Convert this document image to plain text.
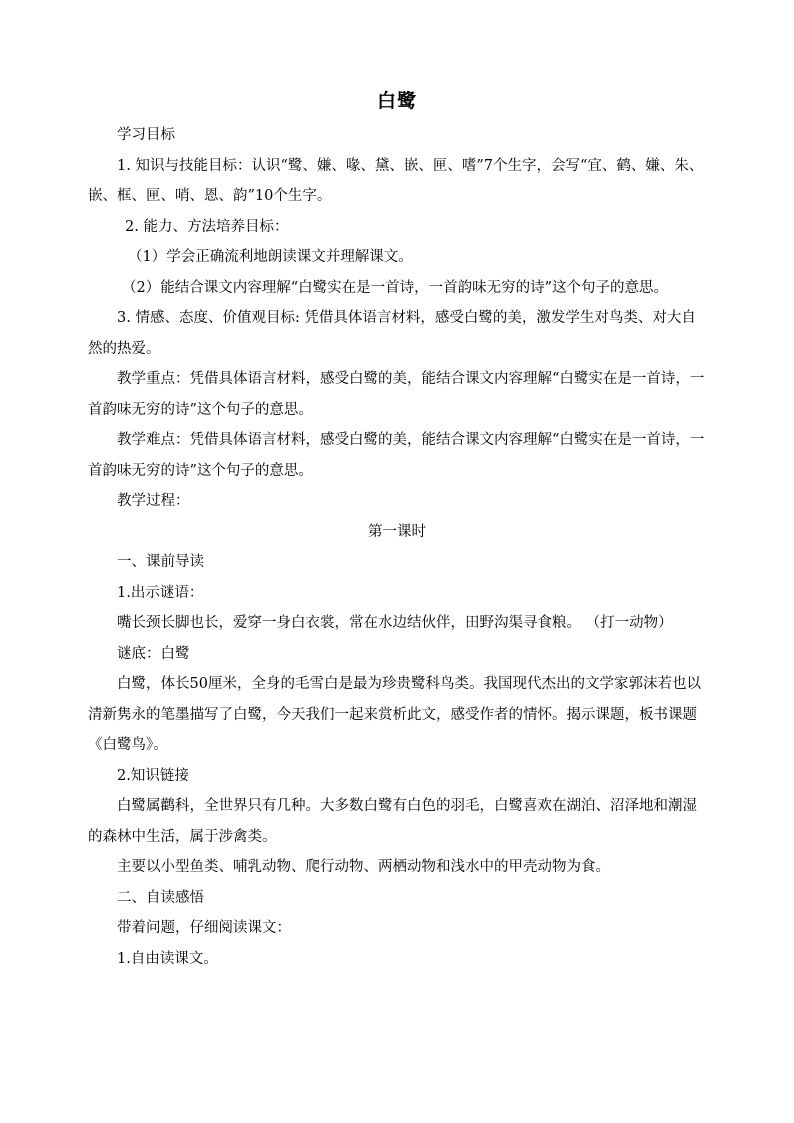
白鹭

学习目标

1. 知识与技能目标：认识“鹭、嫌、喙、黛、嵌、匣、嗜”7个生字，会写“宜、鹤、嫌、朱、嵌、框、匣、哨、恩、韵”10个生字。

2. 能力、方法培养目标：

（1）学会正确流利地朗读课文并理解课文。

（2）能结合课文内容理解“白鹭实在是一首诗，一首韵味无穷的诗”这个句子的意思。

3. 情感、态度、价值观目标: 凭借具体语言材料，感受白鹭的美，激发学生对鸟类、对大自然的热爱。

教学重点：凭借具体语言材料，感受白鹭的美，能结合课文内容理解“白鹭实在是一首诗，一首韵味无穷的诗”这个句子的意思。

教学难点：凭借具体语言材料，感受白鹭的美，能结合课文内容理解“白鹭实在是一首诗，一首韵味无穷的诗”这个句子的意思。

教学过程：

第一课时

一、课前导读

1.出示谜语：

嘴长颈长脚也长，爱穿一身白衣裳，常在水边结伙伴，田野沟渠寻食粮。 （打一动物）

谜底：白鹭

白鹭，体长50厘米，全身的毛雪白是最为珍贵鹭科鸟类。我国现代杰出的文学家郭沫若也以清新隽永的笔墨描写了白鹭，今天我们一起来赏析此文，感受作者的情怀。揭示课题，板书课题《白鹭鸟》。

2.知识链接

白鹭属鹳科，全世界只有几种。大多数白鹭有白色的羽毛，白鹭喜欢在湖泊、沼泽地和潮湿的森林中生活，属于涉禽类。

主要以小型鱼类、哺乳动物、爬行动物、两栖动物和浅水中的甲壳动物为食。

二、自读感悟

带着问题，仔细阅读课文：

1.自由读课文。
